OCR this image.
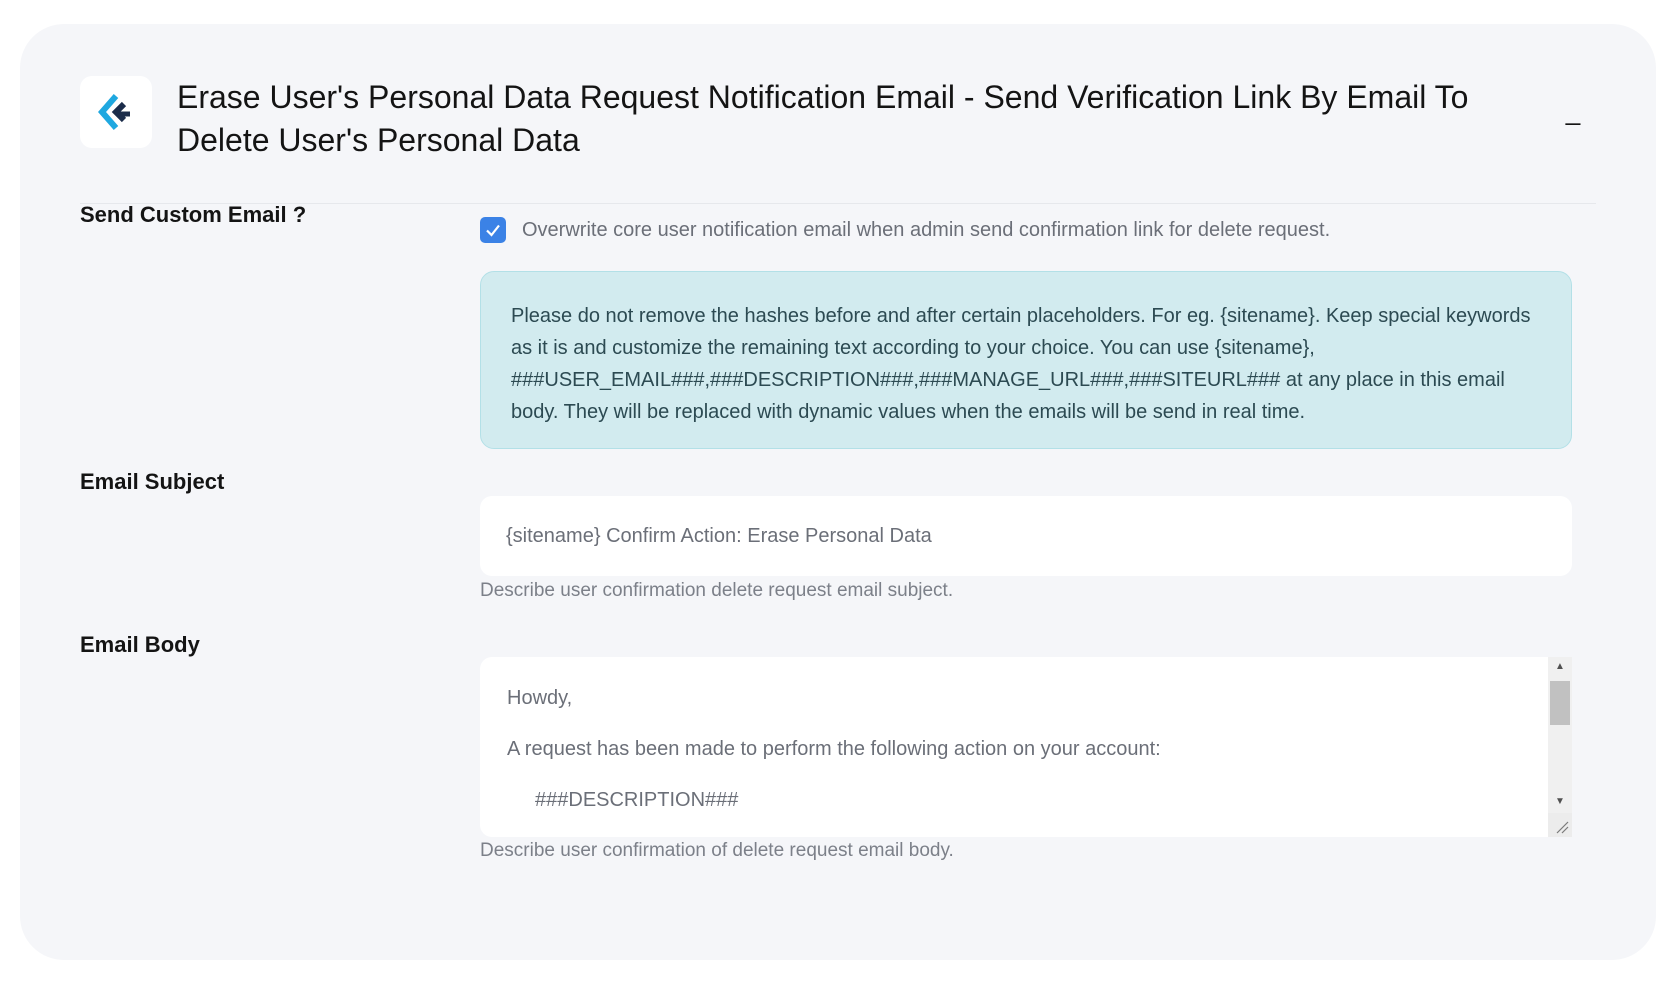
Erase User's Personal Data Request Notification Email - Send Verification Link By Email To Delete User's Personal Data
_
Send Custom Email ?
Overwrite core user notification email when admin send confirmation link for delete request.
Please do not remove the hashes before and after certain placeholders. For eg. {sitename}. Keep special keywords as it is and customize the remaining text according to your choice. You can use {sitename}, ###USER_EMAIL###,###DESCRIPTION###,###MANAGE_URL###,###SITEURL### at any place in this email body. They will be replaced with dynamic values when the emails will be send in real time.
Email Subject
{sitename} Confirm Action: Erase Personal Data
Describe user confirmation delete request email subject.
Email Body
Howdy,
A request has been made to perform the following action on your account:
###DESCRIPTION###
▲
▼
Describe user confirmation of delete request email body.
